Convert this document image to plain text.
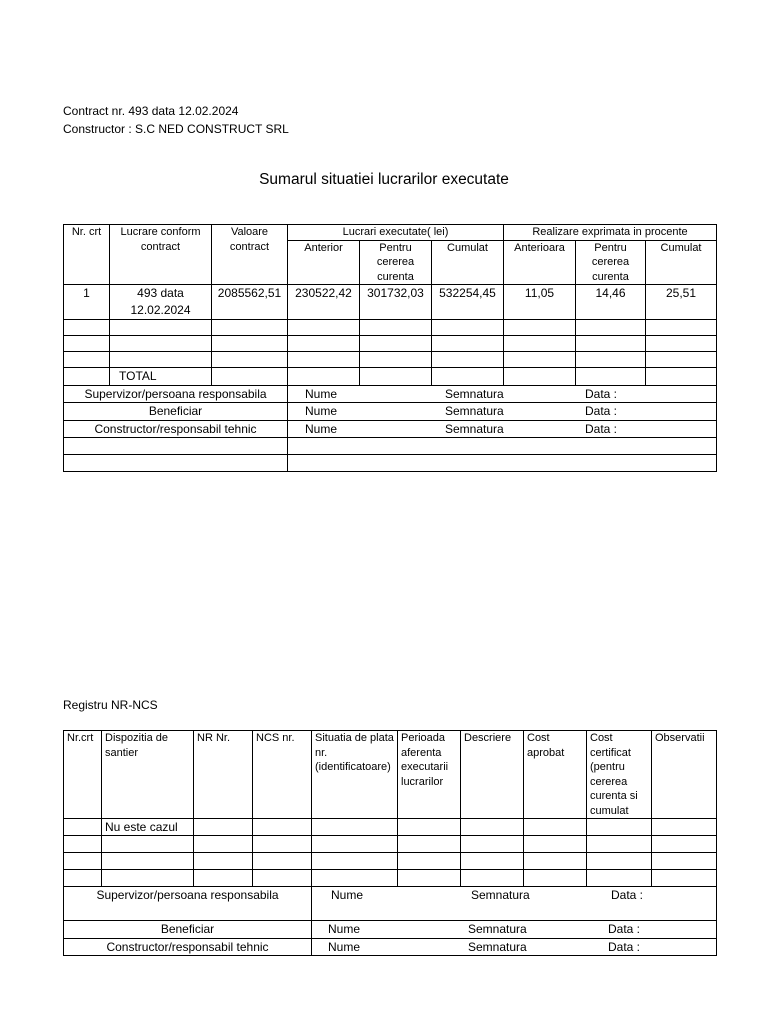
Contract nr. 493 data 12.02.2024
Constructor : S.C NED CONSTRUCT SRL
Sumarul situatiei lucrarilor executate
Nr. crt	Lucrare conform contract	Valoare contract	Lucrari executate( lei)			Realizare exprimata in procente		
			Anterior	Pentru cererea curenta	Cumulat	Anterioara	Pentru cererea curenta	Cumulat
1	493 data 12.02.2024	2085562,51	230522,42	301732,03	532254,45	11,05	14,46	25,51

	TOTAL							
Supervizor/persoana responsabila			Nume Semnatura Data :					

Beneficiar			Nume Semnatura Data :					

Constructor/responsabil tehnic			Nume Semnatura Data :					

Registru NR-NCS
Nr.crt	Dispozitia de santier	NR Nr.	NCS nr.	Situatia de plata nr. (identificatoare)	Perioada aferenta executarii lucrarilor	Descriere	Cost aprobat	Cost certificat (pentru cererea curenta si cumulat	Observatii
	Nu este cazul								

Supervizor/persoana responsabila				Nume Semnatura Data :					

Beneficiar				Nume Semnatura Data :					

Constructor/responsabil tehnic				Nume Semnatura Data :					
